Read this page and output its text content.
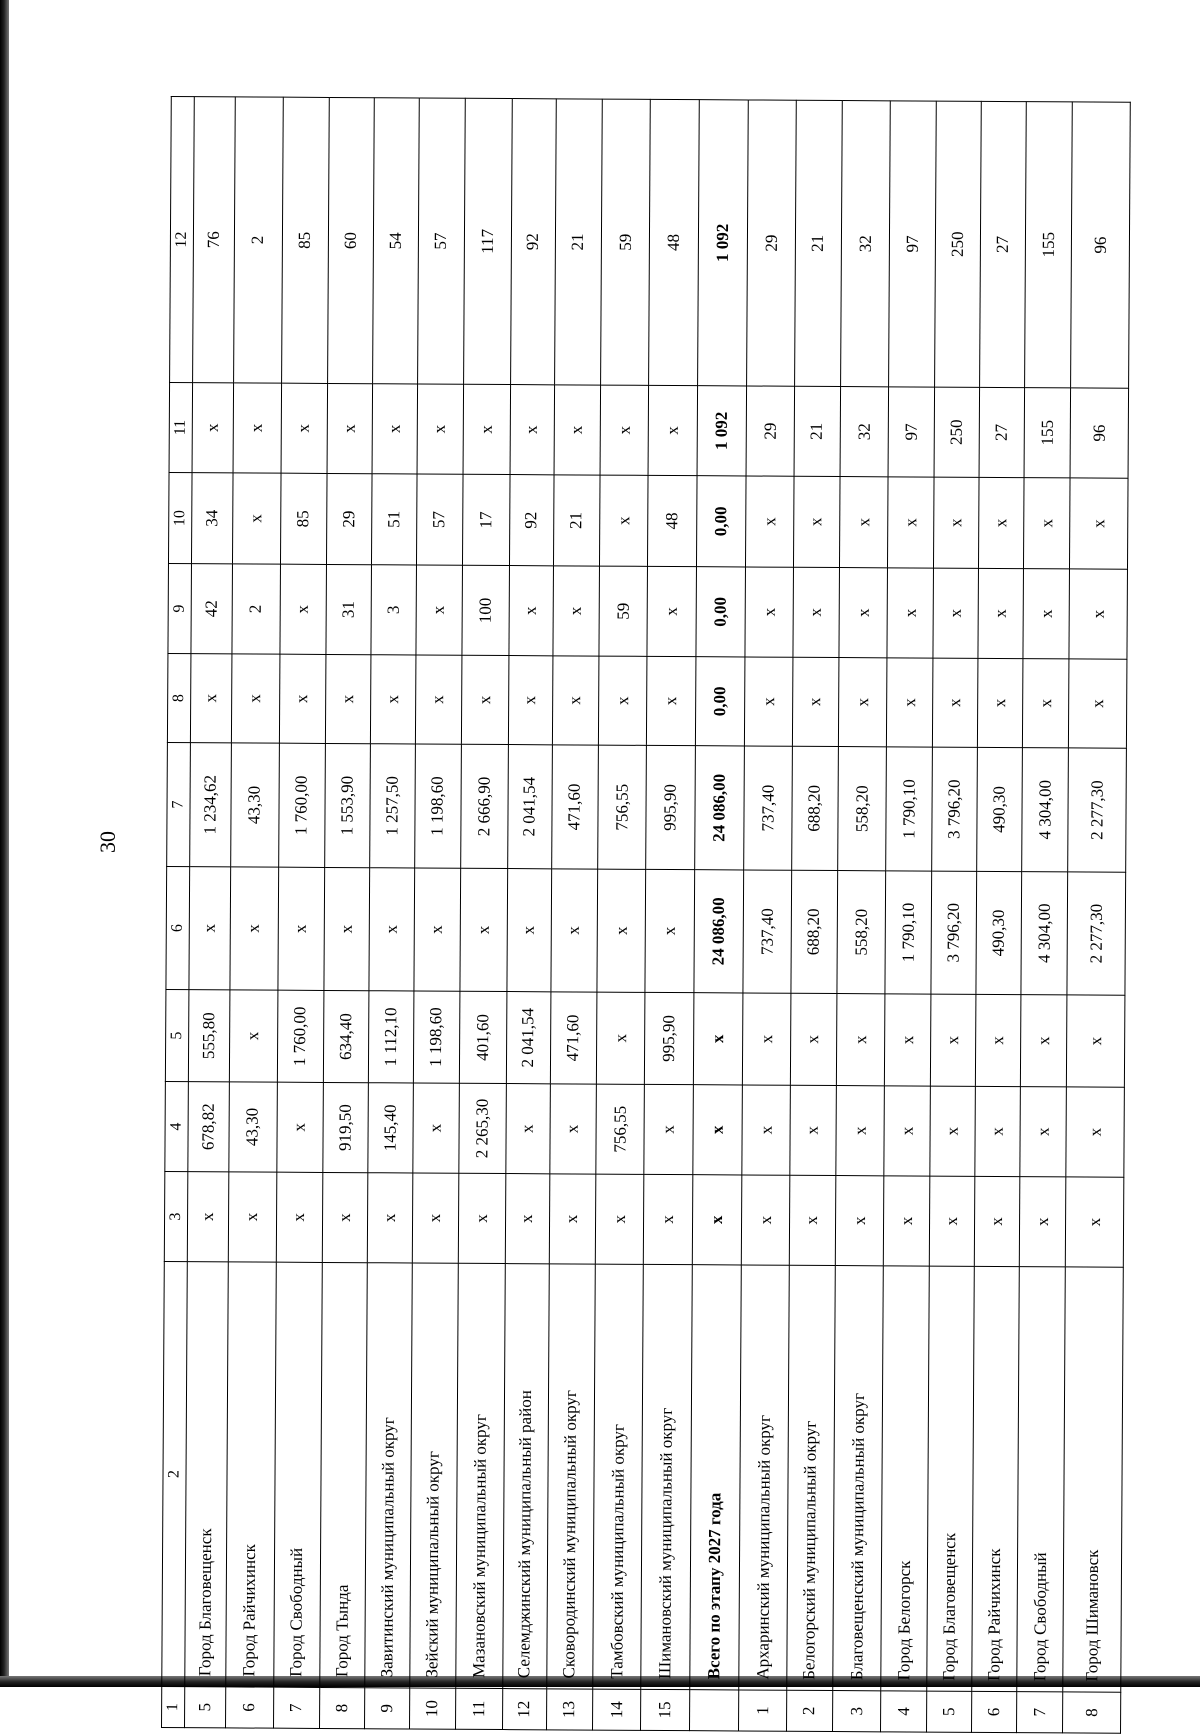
30
1	2	3	4	5	6	7	8	9	10	11	12
5	Город Благовещенск	x	678,82	555,80	x	1 234,62	x	42	34	x	76
6	Город Райчихинск	x	43,30	x	x	43,30	x	2	x	x	2
7	Город Свободный	x	x	1 760,00	x	1 760,00	x	x	85	x	85
8	Город Тында	x	919,50	634,40	x	1 553,90	x	31	29	x	60
9	Завитинский муниципальный округ	x	145,40	1 112,10	x	1 257,50	x	3	51	x	54
10	Зейский муниципальный округ	x	x	1 198,60	x	1 198,60	x	x	57	x	57
11	Мазановский муниципальный округ	x	2 265,30	401,60	x	2 666,90	x	100	17	x	117
12	Селемджинский муниципальный район	x	x	2 041,54	x	2 041,54	x	x	92	x	92
13	Сковородинский муниципальный округ	x	x	471,60	x	471,60	x	x	21	x	21
14	Тамбовский муниципальный округ	x	756,55	x	x	756,55	x	59	x	x	59
15	Шимановский муниципальный округ	x	x	995,90	x	995,90	x	x	48	x	48
	Всего по этапу 2027 года	x	x	x	24 086,00	24 086,00	0,00	0,00	0,00	1 092	1 092
1	Архаринский муниципальный округ	x	x	x	737,40	737,40	x	x	x	29	29
2	Белогорский муниципальный округ	x	x	x	688,20	688,20	x	x	x	21	21
3	Благовещенский муниципальный округ	x	x	x	558,20	558,20	x	x	x	32	32
4	Город Белогорск	x	x	x	1 790,10	1 790,10	x	x	x	97	97
5	Город Благовещенск	x	x	x	3 796,20	3 796,20	x	x	x	250	250
6	Город Райчихинск	x	x	x	490,30	490,30	x	x	x	27	27
7	Город Свободный	x	x	x	4 304,00	4 304,00	x	x	x	155	155
8	Город Шимановск	x	x	x	2 277,30	2 277,30	x	x	x	96	96
